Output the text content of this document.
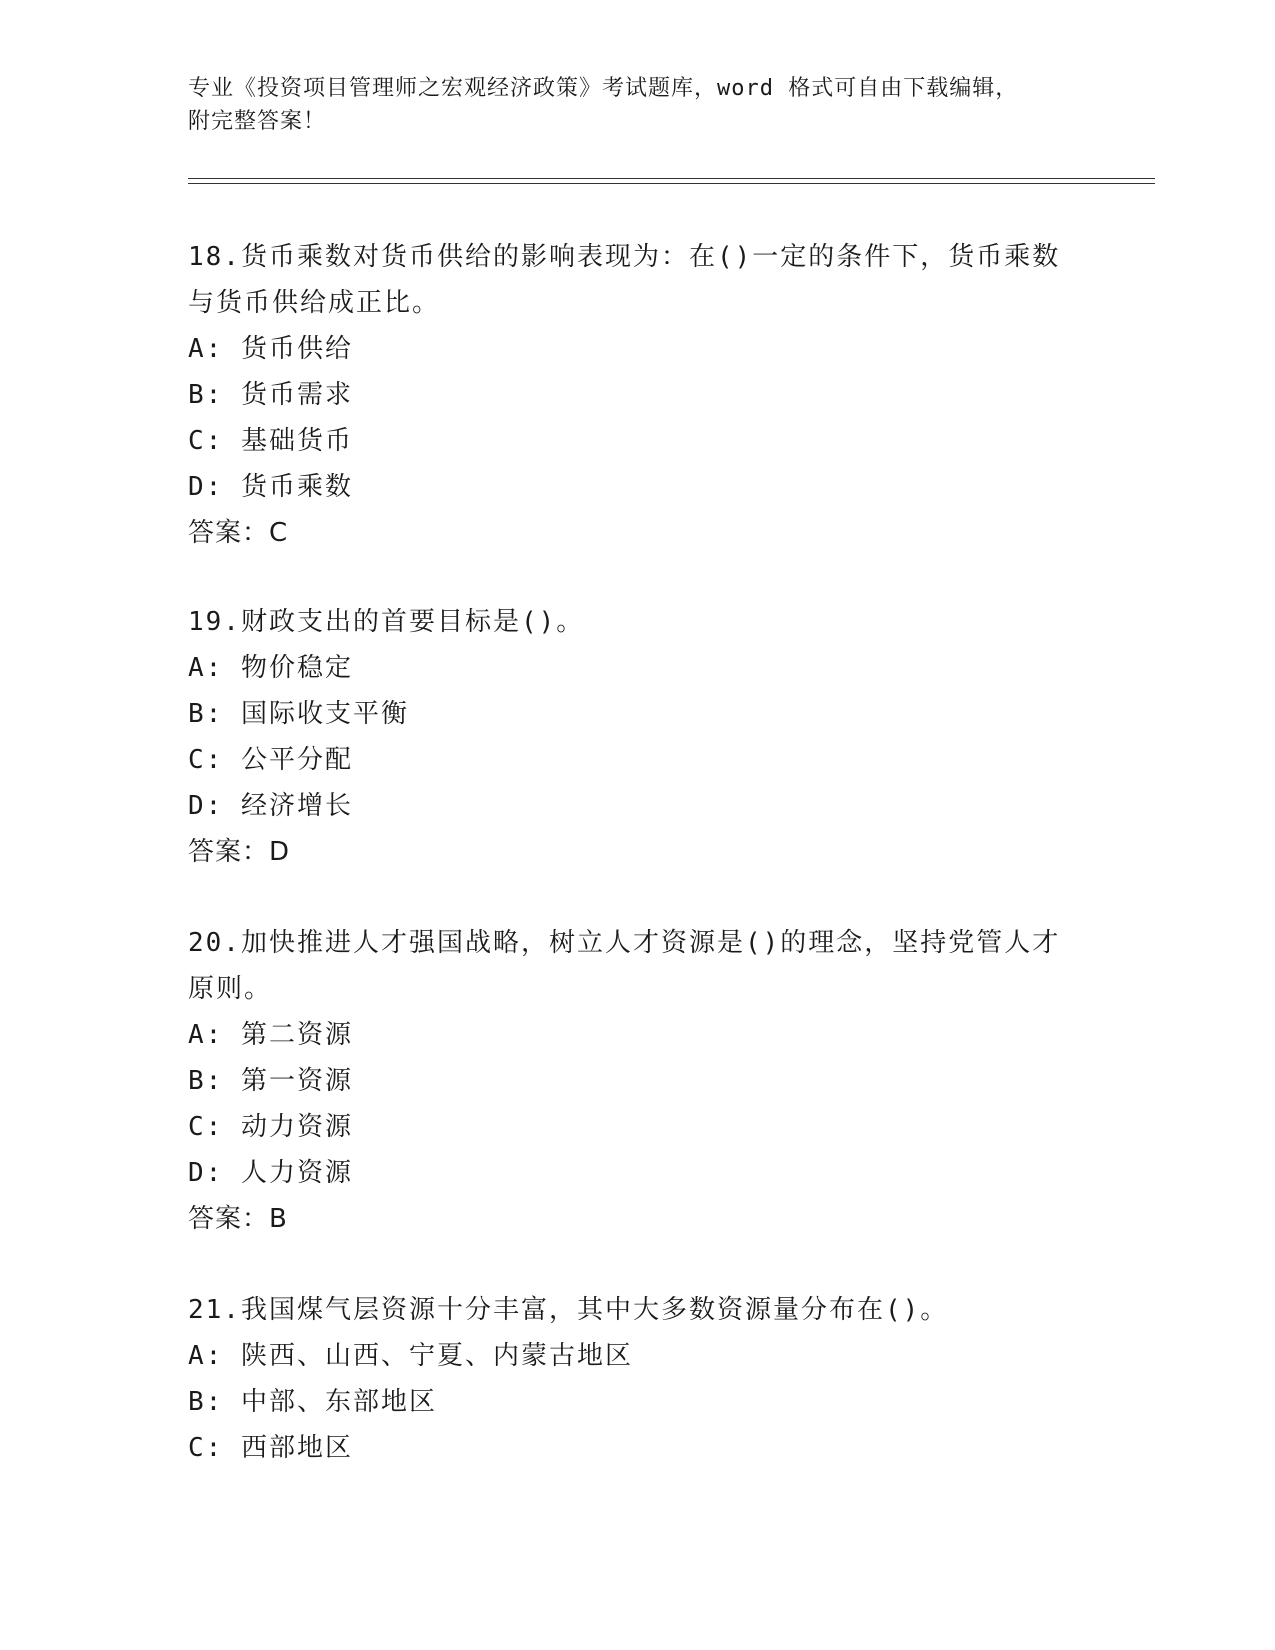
专业《投资项目管理师之宏观经济政策》考试题库，word 格式可自由下载编辑，
附完整答案！
18.货币乘数对货币供给的影响表现为：在()一定的条件下，货币乘数
与货币供给成正比。
A: 货币供给
B: 货币需求
C: 基础货币
D: 货币乘数
答案：C
19.财政支出的首要目标是()。
A: 物价稳定
B: 国际收支平衡
C: 公平分配
D: 经济增长
答案：D
20.加快推进人才强国战略，树立人才资源是()的理念，坚持党管人才
原则。
A: 第二资源
B: 第一资源
C: 动力资源
D: 人力资源
答案：B
21.我国煤气层资源十分丰富，其中大多数资源量分布在()。
A: 陕西、山西、宁夏、内蒙古地区
B: 中部、东部地区
C: 西部地区
